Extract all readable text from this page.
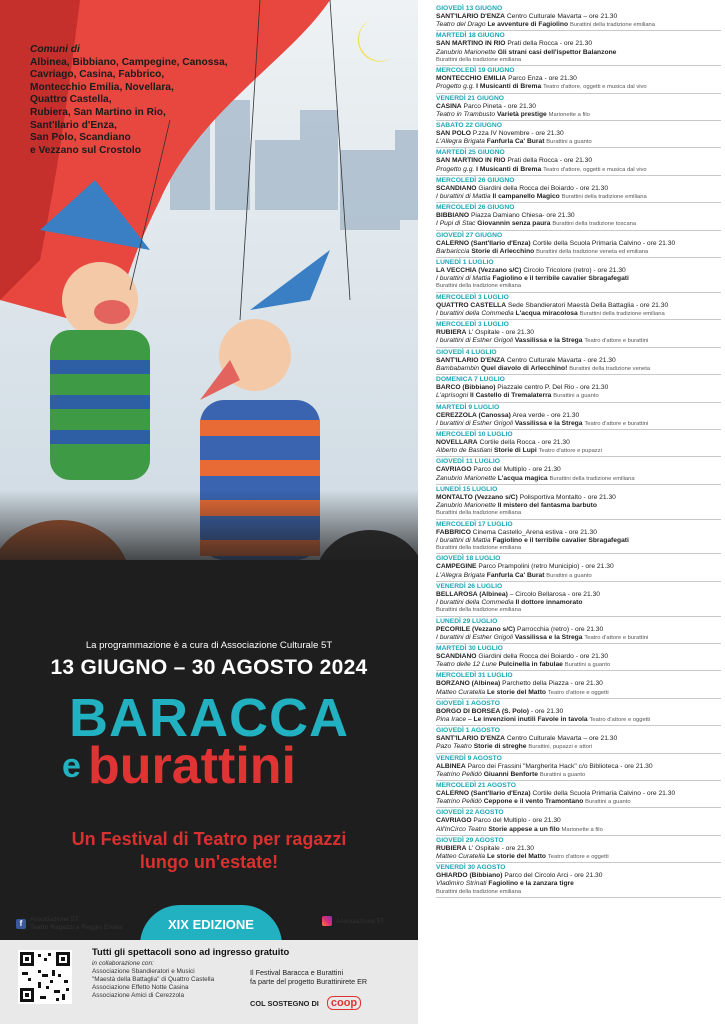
Comuni di
Albinea, Bibbiano, Campegine, Canossa,
Cavriago, Casina, Fabbrico,
Montecchio Emilia, Novellara,
Quattro Castella,
Rubiera, San Martino in Rio,
Sant'Ilario d'Enza,
San Polo, Scandiano
e Vezzano sul Crostolo
La programmazione è a cura di Associazione Culturale 5T
13 GIUGNO – 30 AGOSTO 2024
BARACCA
e burattini
Un Festival di Teatro per ragazzi
lungo un'estate!
f	Associazione 5T
Teatro Ragazzi a Reggio Emilia	XIX EDIZIONE	Associazione 5T
Tutti gli spettacoli sono ad ingresso gratuito
in collaborazione con:
Associazione Sbandieratori e Musici
"Maestà della Battaglia" di Quattro Castella
Associazione Effetto Notte Casina
Associazione Amici di Cerezzola
Il Festival Baracca e Burattini
fa parte del progetto Burattinirete ER
COL SOSTEGNO DI	coop
GIOVEDÌ 13 GIUGNO
SANT'ILARIO D'ENZA Centro Culturale Mavarta – ore 21.30
Teatro del Drago Le avventure di Fagiolino Burattini della tradizione emiliana
MARTEDÌ 18 GIUGNO
SAN MARTINO IN RIO Prati della Rocca - ore 21.30
Zanubrio Marionette Gli strani casi dell'ispettor Balanzone
Burattini della tradizione emiliana
MERCOLEDÌ 19 GIUGNO
MONTECCHIO EMILIA Parco Enza - ore 21.30
Progetto g.g. I Musicanti di Brema Teatro d'attore, oggetti e musica dal vivo
VENERDÌ 21 GIUGNO
CASINA Parco Pineta - ore 21.30
Teatro in Trambusto Varietà prestige Marionette a filo
SABATO 22 GIUGNO
SAN POLO P.zza IV Novembre - ore 21.30
L'Allegra Brigata Fanfurla Ca' Burat Burattini a guanto
MARTEDÌ 25 GIUGNO
SAN MARTINO IN RIO Prati della Rocca - ore 21.30
Progetto g.g. I Musicanti di Brema Teatro d'attore, oggetti e musica dal vivo
MERCOLEDÌ 26 GIUGNO
SCANDIANO Giardini della Rocca dei Boiardo - ore 21.30
I burattini di Mattia Il campanello Magico Burattini della tradizione emiliana
MERCOLEDÌ 26 GIUGNO
BIBBIANO Piazza Damiano Chiesa- ore 21.30
I Pupi di Stac Giovannin senza paura Burattini della tradizione toscana
GIOVEDÌ 27 GIUGNO
CALERNO (Sant'Ilario d'Enza) Cortile della Scuola Primaria Calvino - ore 21.30
Barbariccia Storie di Arlecchino Burattini della tradizione veneta ed emiliana
LUNEDÌ 1 LUGLIO
LA VECCHIA (Vezzano s/C) Circolo Tricolore (retro) - ore 21.30
I burattini di Mattia Fagiolino e il terribile cavalier Sbragafegati
Burattini della tradizione emiliana
MERCOLEDÌ 3 LUGLIO
QUATTRO CASTELLA Sede Sbandieratori Maestà Della Battaglia - ore 21.30
I burattini della Commedia L'acqua miracolosa Burattini della tradizione emiliana
MERCOLEDÌ 3 LUGLIO
RUBIERA L' Ospitale - ore 21.30
I burattini di Esther Grigoli Vassilissa e la Strega Teatro d'attore e burattini
GIOVEDÌ 4 LUGLIO
SANT'ILARIO D'ENZA Centro Culturale Mavarta - ore 21.30
Bambabambin Quel diavolo di Arlecchino! Burattini della tradizione veneta
DOMENICA 7 LUGLIO
BARCO (Bibbiano) Piazzale centro P. Del Rio - ore 21.30
L'aprisogni Il Castello di Tremalaterra Burattini a guanto
MARTEDÌ 9 LUGLIO
CEREZZOLA (Canossa) Area verde - ore 21.30
I burattini di Esther Grigoli Vassilissa e la Strega Teatro d'attore e burattini
MERCOLEDÌ 10 LUGLIO
NOVELLARA Cortile della Rocca - ore 21.30
Alberto de Bastiani Storie di Lupi Teatro d'attore e pupazzi
GIOVEDÌ 11 LUGLIO
CAVRIAGO Parco del Multiplo - ore 21.30
Zanubrio Marionette L'acqua magica Burattini della tradizione emiliana
LUNEDÌ 15 LUGLIO
MONTALTO (Vezzano s/C) Polisportiva Montalto - ore 21.30
Zanubrio Marionette Il mistero del fantasma barbuto
Burattini della tradizione emiliana
MERCOLEDÌ 17 LUGLIO
FABBRICO Cinema Castello_Arena estiva - ore 21.30
I burattini di Mattia Fagiolino e il terribile cavalier Sbragafegati
Burattini della tradizione emiliana
GIOVEDÌ 18 LUGLIO
CAMPEGINE Parco Prampolini (retro Municipio) - ore 21.30
L'Allegra Brigata Fanfurla Ca' Burat Burattini a guanto
VENERDÌ 26 LUGLIO
BELLAROSA (Albinea) – Circolo Bellarosa - ore 21.30
I burattini della Commedia Il dottore innamorato
Burattini della tradizione emiliana
LUNEDÌ 29 LUGLIO
PECORILE (Vezzano s/C) Parrocchia (retro) - ore 21.30
I burattini di Esther Grigoli Vassilissa e la Strega Teatro d'attore e burattini
MARTEDÌ 30 LUGLIO
SCANDIANO Giardini della Rocca dei Boiardo - ore 21.30
Teatro delle 12 Lune Pulcinella in fabulae Burattini a guanto
MERCOLEDÌ 31 LUGLIO
BORZANO (Albinea) Parchetto della Piazza - ore 21.30
Matteo Curatella Le storie del Matto Teatro d'attore e oggetti
GIOVEDÌ 1 AGOSTO
BORGO DI BORSEA (S. Polo) - ore 21.30
Pina Irace – Le invenzioni inutili Favole in tavola Teatro d'attore e oggetti
GIOVEDÌ 1 AGOSTO
SANT'ILARIO D'ENZA Centro Culturale Mavarta – ore 21.30
Pazo Teatro Storie di streghe Burattini, pupazzi e attori
VENERDÌ 9 AGOSTO
ALBINEA Parco dei Frassini "Margherita Hack" c/o Biblioteca - ore 21.30
Teatrino Pellidò Giuanni Benforte Burattini a guanto
MERCOLEDÌ 21 AGOSTO
CALERNO (Sant'Ilario d'Enza) Cortile della Scuola Primaria Calvino - ore 21.30
Teatrino Pellidò Ceppone e il vento Tramontano Burattini a guanto
GIOVEDÌ 22 AGOSTO
CAVRIAGO Parco del Multiplo - ore 21.30
All'InCirco Teatro Storie appese a un filo Marionette a filo
GIOVEDÌ 29 AGOSTO
RUBIERA L' Ospitale - ore 21.30
Matteo Curatella Le storie del Matto Teatro d'attore e oggetti
VENERDÌ 30 AGOSTO
GHIARDO (Bibbiano) Parco del Circolo Arci - ore 21.30
Vladimiro Strinati Fagiolino e la zanzara tigre
Burattini della tradizione emiliana
